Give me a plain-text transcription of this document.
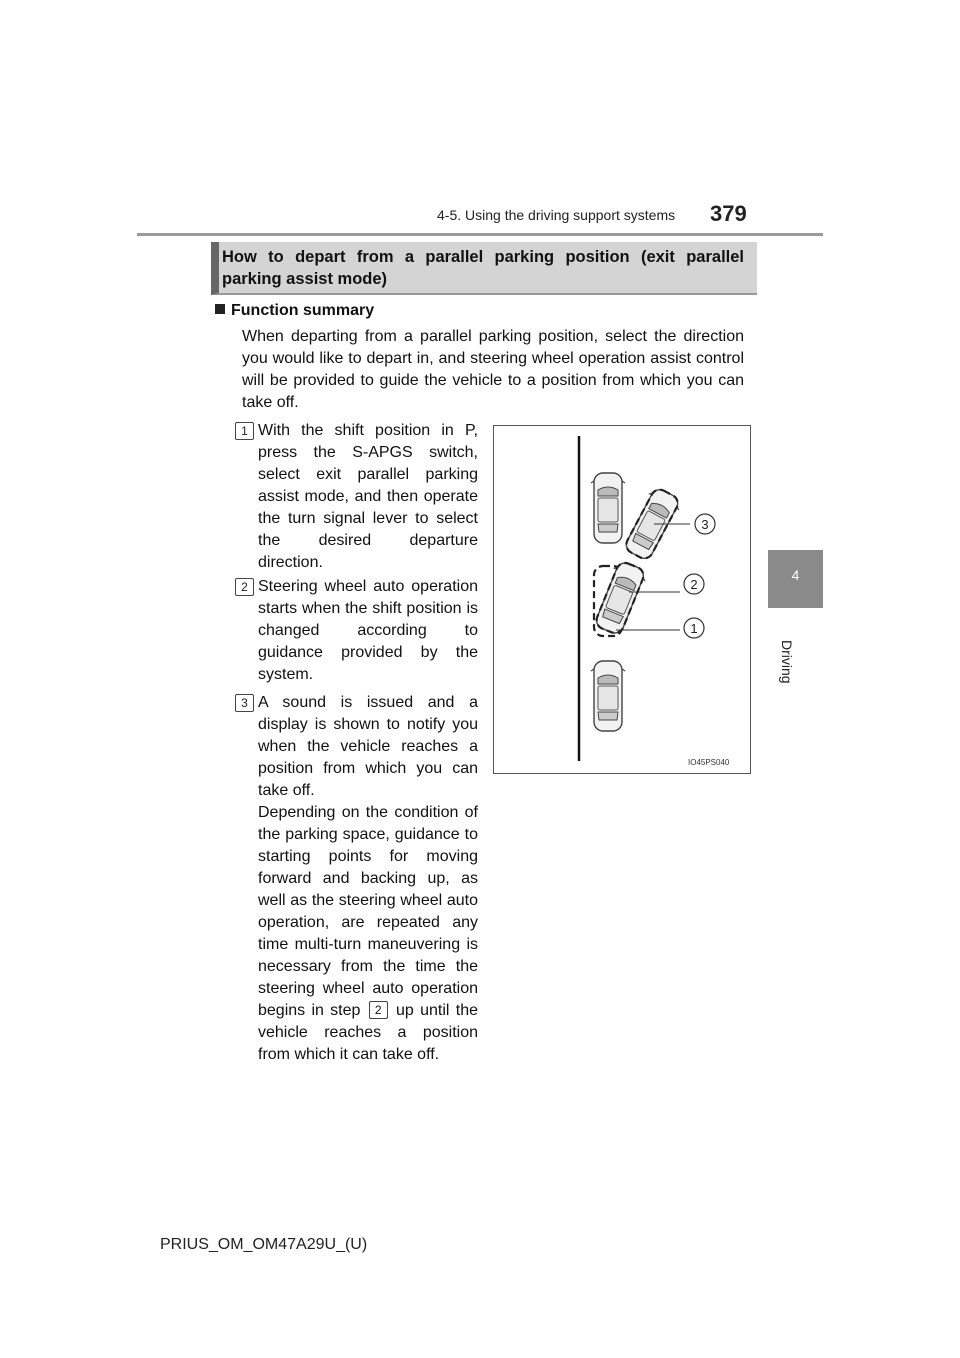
4-5. Using the driving support systems 379
4
Driving
How to depart from a parallel parking position (exit parallel parking assist mode)
Function summary
When departing from a parallel parking position, select the direction you would like to depart in, and steering wheel operation assist control will be provided to guide the vehicle to a position from which you can take off.
1 With the shift position in P, press the S-APGS switch, select exit parallel parking assist mode, and then operate the turn signal lever to select the desired departure direction.
2 Steering wheel auto operation starts when the shift position is changed according to guidance provided by the system.
3 A sound is issued and a display is shown to notify you when the vehicle reaches a position from which you can take off.
Depending on the condition of the parking space, guidance to starting points for moving forward and backing up, as well as the steering wheel auto operation, are repeated any time multi-turn maneuvering is necessary from the time the steering wheel auto operation begins in step 2 up until the vehicle reaches a position from which it can take off.
3
2
1
IO45PS040
PRIUS_OM_OM47A29U_(U)
